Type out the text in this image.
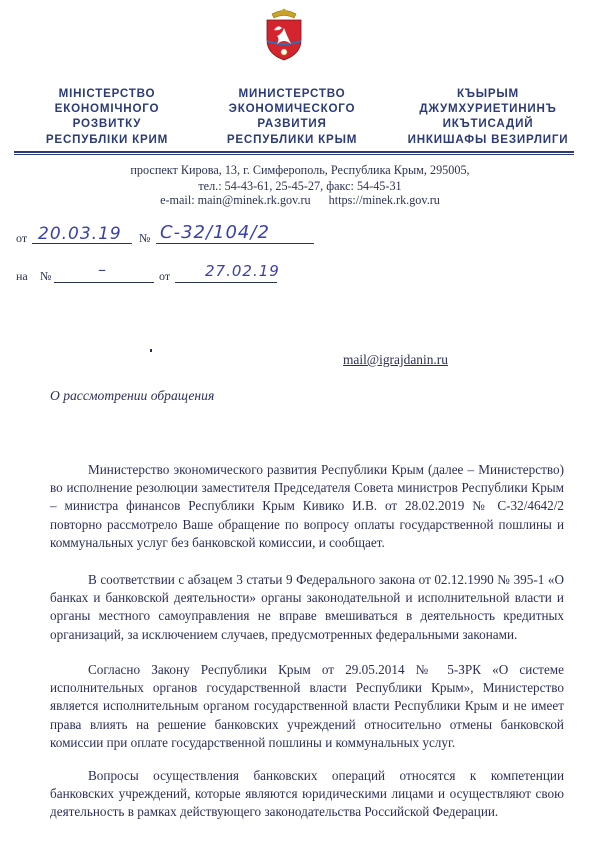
МІНІСТЕРСТВО
ЕКОНОМІЧНОГО
РОЗВИТКУ
РЕСПУБЛІКИ КРИМ
МИНИСТЕРСТВО
ЭКОНОМИЧЕСКОГО
РАЗВИТИЯ
РЕСПУБЛИКИ КРЫМ
КЪЫРЫМ
ДЖУМХУРИЕТИНИНЪ
ИКЪТИСАДИЙ
ИНКИШАФЫ ВЕЗИРЛИГИ
проспект Кирова, 13, г. Симферополь, Республика Крым, 295005,
тел.: 54-43-61, 25-45-27, факс: 54-45-31
e-mail: main@minek.rk.gov.ru https://minek.rk.gov.ru
от 20.03.19 № С-32/104/2
на №	–	от 27.02.19
mail@igrajdanin.ru
О рассмотрении обращения

Министерство экономического развития Республики Крым (далее – Министерство) во исполнение резолюции заместителя Председателя Совета министров Республики Крым – министра финансов Республики Крым Кивико И.В. от 28.02.2019 № С-32/4642/2 повторно рассмотрело Ваше обращение по вопросу оплаты государственной пошлины и коммунальных услуг без банковской комиссии, и сообщает.

В соответствии с абзацем 3 статьи 9 Федерального закона от 02.12.1990 № 395-1 «О банках и банковской деятельности» органы законодательной и исполнительной власти и органы местного самоуправления не вправе вмешиваться в деятельность кредитных организаций, за исключением случаев, предусмотренных федеральными законами.

Согласно Закону Республики Крым от 29.05.2014 № 5-ЗРК «О системе исполнительных органов государственной власти Республики Крым», Министерство является исполнительным органом государственной власти Республики Крым и не имеет права влиять на решение банковских учреждений относительно отмены банковской комиссии при оплате государственной пошлины и коммунальных услуг.

Вопросы осуществления банковских операций относятся к компетенции банковских учреждений, которые являются юридическими лицами и осуществляют свою деятельность в рамках действующего законодательства Российской Федерации.
